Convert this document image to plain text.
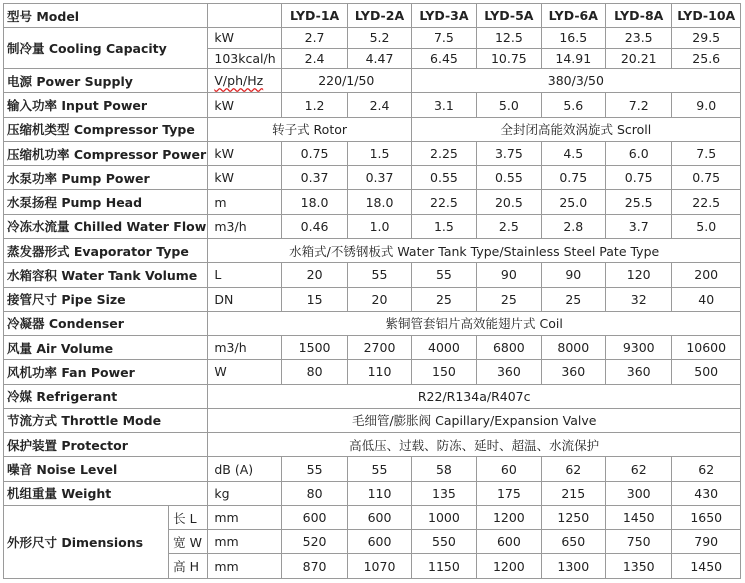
型号 Model			LYD-1A	LYD-2A	LYD-3A	LYD-5A	LYD-6A	LYD-8A	LYD-10A
制冷量 Cooling Capacity		kW	2.7	5.2	7.5	12.5	16.5	23.5	29.5
		103kcal/h	2.4	4.47	6.45	10.75	14.91	20.21	25.6
电源 Power Supply		V/ph/Hz	220/1/50		380/3/50				
输入功率 Input Power		kW	1.2	2.4	3.1	5.0	5.6	7.2	9.0
压缩机类型 Compressor Type		转子式 Rotor			全封闭高能效涡旋式 Scroll				
压缩机功率 Compressor Power		kW	0.75	1.5	2.25	3.75	4.5	6.0	7.5
水泵功率 Pump Power		kW	0.37	0.37	0.55	0.55	0.75	0.75	0.75
水泵扬程 Pump Head		m	18.0	18.0	22.5	20.5	25.0	25.5	22.5
冷冻水流量 Chilled Water Flow		m3/h	0.46	1.0	1.5	2.5	2.8	3.7	5.0
蒸发器形式 Evaporator Type		水箱式/不锈钢板式 Water Tank Type/Stainless Steel Pate Type							
水箱容积 Water Tank Volume		L	20	55	55	90	90	120	200
接管尺寸 Pipe Size		DN	15	20	25	25	25	32	40
冷凝器 Condenser		紫铜管套铝片高效能翅片式 Coil							
风量 Air Volume		m3/h	1500	2700	4000	6800	8000	9300	10600
风机功率 Fan Power		W	80	110	150	360	360	360	500
冷媒 Refrigerant		R22/R134a/R407c							
节流方式 Throttle Mode		毛细管/膨胀阀 Capillary/Expansion Valve							
保护装置 Protector		高低压、过载、防冻、延时、超温、水流保护							
噪音 Noise Level		dB (A)	55	55	58	60	62	62	62
机组重量 Weight		kg	80	110	135	175	215	300	430
外形尺寸 Dimensions	长 L	mm	600	600	1000	1200	1250	1450	1650
	宽 W	mm	520	600	550	600	650	750	790
	高 H	mm	870	1070	1150	1200	1300	1350	1450
